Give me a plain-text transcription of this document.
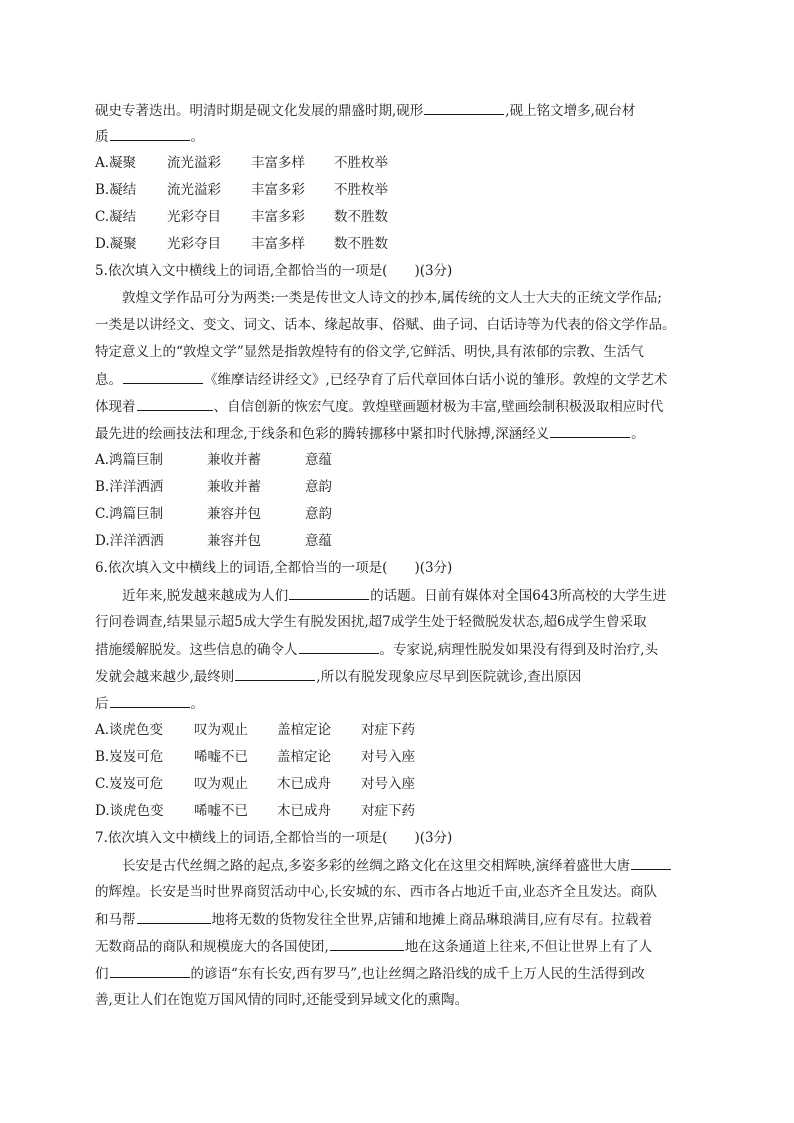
砚史专著迭出。明清时期是砚文化发展的鼎盛时期,砚形	,砚上铭文增多,砚台材
质	。
A.凝聚 流光溢彩 丰富多样 不胜枚举
B.凝结 流光溢彩 丰富多彩 不胜枚举
C.凝结 光彩夺目 丰富多彩 数不胜数
D.凝聚 光彩夺目 丰富多样 数不胜数
5.依次填入文中横线上的词语,全都恰当的一项是(　　)(3分)
敦煌文学作品可分为两类:一类是传世文人诗文的抄本,属传统的文人士大夫的正统文学作品;
一类是以讲经文、变文、词文、话本、缘起故事、俗赋、曲子词、白话诗等为代表的俗文学作品。
特定意义上的“敦煌文学”显然是指敦煌特有的俗文学,它鲜活、明快,具有浓郁的宗教、生活气
息。	《维摩诘经讲经文》,已经孕育了后代章回体白话小说的雏形。敦煌的文学艺术
体现着	、自信创新的恢宏气度。敦煌壁画题材极为丰富,壁画绘制积极汲取相应时代
最先进的绘画技法和理念,于线条和色彩的腾转挪移中紧扣时代脉搏,深涵经义	。
A.鸿篇巨制	兼收并蓄	意蕴
B.洋洋洒洒	兼收并蓄	意韵
C.鸿篇巨制	兼容并包	意韵
D.洋洋洒洒	兼容并包	意蕴
6.依次填入文中横线上的词语,全都恰当的一项是(　　)(3分)
近年来,脱发越来越成为人们	的话题。日前有媒体对全国643所高校的大学生进
行问卷调查,结果显示超5成大学生有脱发困扰,超7成学生处于轻微脱发状态,超6成学生曾采取
措施缓解脱发。这些信息的确令人	。专家说,病理性脱发如果没有得到及时治疗,头
发就会越来越少,最终则	,所以有脱发现象应尽早到医院就诊,查出原因
后	。
A.谈虎色变 叹为观止 盖棺定论 对症下药
B.岌岌可危 唏嘘不已 盖棺定论 对号入座
C.岌岌可危 叹为观止 木已成舟 对号入座
D.谈虎色变 唏嘘不已 木已成舟 对症下药
7.依次填入文中横线上的词语,全都恰当的一项是(　　)(3分)
长安是古代丝绸之路的起点,多姿多彩的丝绸之路文化在这里交相辉映,演绎着盛世大唐
的辉煌。长安是当时世界商贸活动中心,长安城的东、西市各占地近千亩,业态齐全且发达。商队
和马帮	地将无数的货物发往全世界,店铺和地摊上商品琳琅满目,应有尽有。拉载着
无数商品的商队和规模庞大的各国使团,	地在这条通道上往来,不但让世界上有了人
们	的谚语“东有长安,西有罗马”,也让丝绸之路沿线的成千上万人民的生活得到改
善,更让人们在饱览万国风情的同时,还能受到异域文化的熏陶。
